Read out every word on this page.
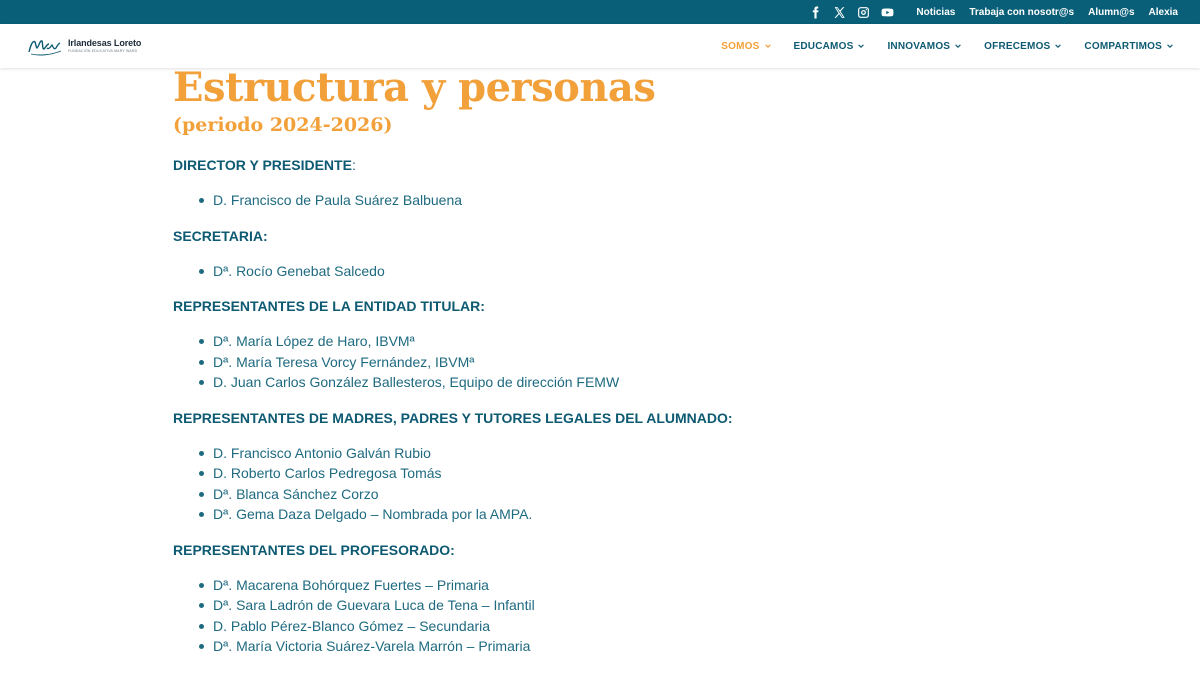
Noticias Trabaja con nosotr@s Alumn@s Alexia
Irlandesas Loreto
FUNDACIÓN EDUCATIVA MARY WARD	SOMOS	EDUCAMOS	INNOVAMOS	OFRECEMOS	COMPARTIMOS
Estructura y personas
(periodo 2024-2026)
DIRECTOR Y PRESIDENTE:
D. Francisco de Paula Suárez Balbuena
SECRETARIA:
Dª. Rocío Genebat Salcedo
REPRESENTANTES DE LA ENTIDAD TITULAR:
Dª. María López de Haro, IBVMª
Dª. María Teresa Vorcy Fernández, IBVMª
D. Juan Carlos González Ballesteros, Equipo de dirección FEMW
REPRESENTANTES DE MADRES, PADRES Y TUTORES LEGALES DEL ALUMNADO:
D. Francisco Antonio Galván Rubio
D. Roberto Carlos Pedregosa Tomás
Dª. Blanca Sánchez Corzo
Dª. Gema Daza Delgado – Nombrada por la AMPA.
REPRESENTANTES DEL PROFESORADO:
Dª. Macarena Bohórquez Fuertes – Primaria
Dª. Sara Ladrón de Guevara Luca de Tena – Infantil
D. Pablo Pérez-Blanco Gómez – Secundaria
Dª. María Victoria Suárez-Varela Marrón – Primaria
